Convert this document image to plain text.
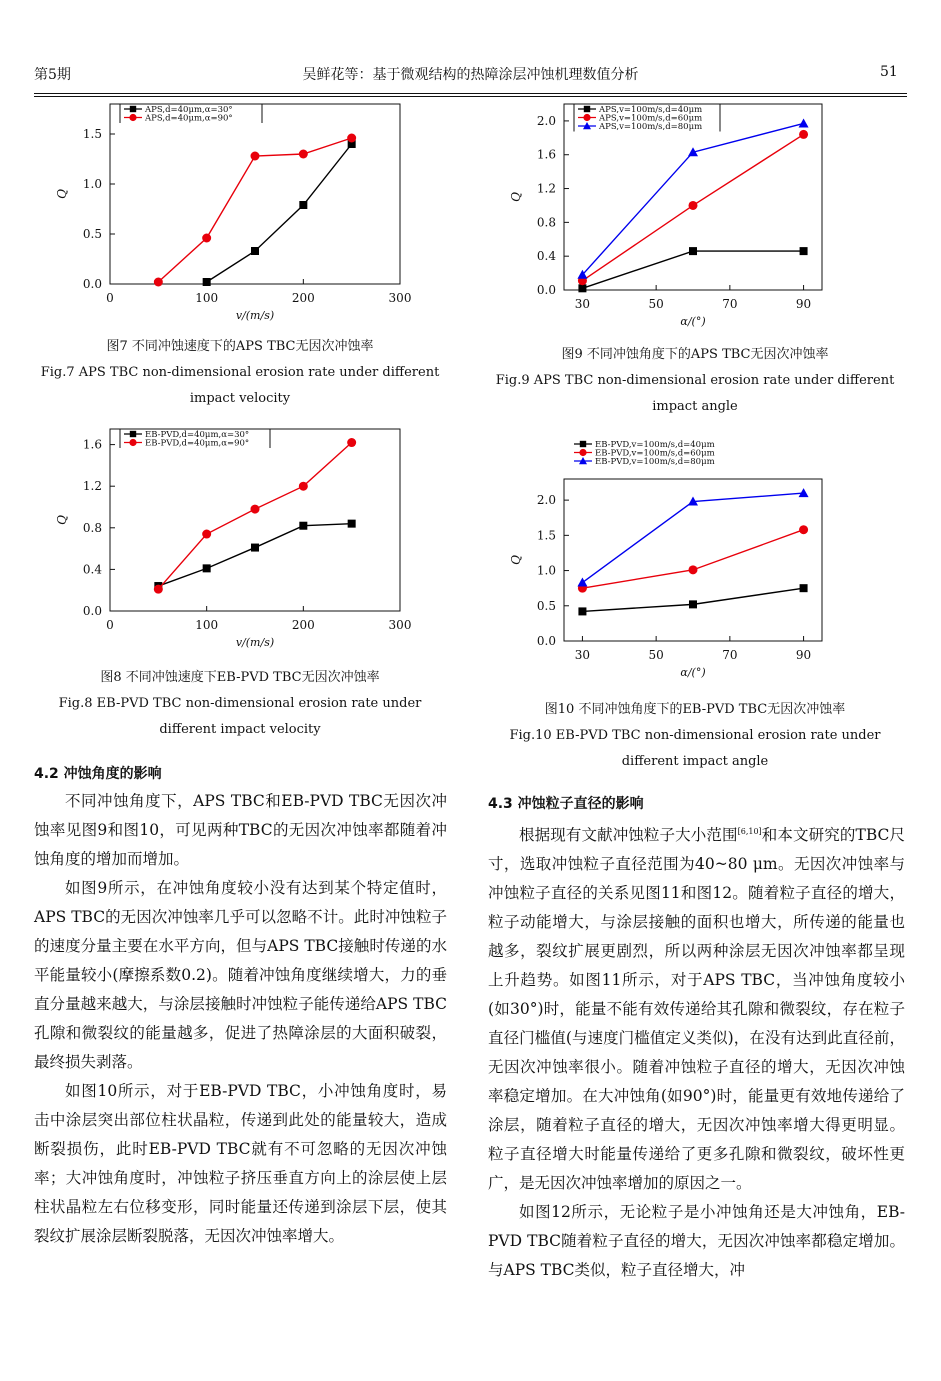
第5期	吴鲜花等：基于微观结构的热障涂层冲蚀机理数值分析	51
0	100	200	300
0.0
0.5
1.0
1.5
v/(m/s)
Q
APS,d=40μm,α=30°
APS,d=40μm,α=90°
0	100	200	300
0.0
0.4
0.8
1.2
1.6
v/(m/s)
Q
EB-PVD,d=40μm,α=30°
EB-PVD,d=40μm,α=90°
30	50	70	90
0.0
0.4
0.8
1.2
1.6
2.0
α/(°)
Q
APS,v=100m/s,d=40μm
APS,v=100m/s,d=60μm
APS,v=100m/s,d=80μm
30	50	70	90
0.0
0.5
1.0
1.5
2.0
α/(°)
Q
EB-PVD,v=100m/s,d=40μm
EB-PVD,v=100m/s,d=60μm
EB-PVD,v=100m/s,d=80μm
图7 不同冲蚀速度下的APS TBC无因次冲蚀率
Fig.7 APS TBC non-dimensional erosion rate under different
impact velocity
图8 不同冲蚀速度下EB-PVD TBC无因次冲蚀率
Fig.8 EB-PVD TBC non-dimensional erosion rate under
different impact velocity
图9 不同冲蚀角度下的APS TBC无因次冲蚀率
Fig.9 APS TBC non-dimensional erosion rate under different
impact angle
图10 不同冲蚀角度下的EB-PVD TBC无因次冲蚀率
Fig.10 EB-PVD TBC non-dimensional erosion rate under
different impact angle
4.2 冲蚀角度的影响

不同冲蚀角度下，APS TBC和EB-PVD TBC无因次冲蚀率见图9和图10，可见两种TBC的无因次冲蚀率都随着冲蚀角度的增加而增加。

如图9所示，在冲蚀角度较小没有达到某个特定值时，APS TBC的无因次冲蚀率几乎可以忽略不计。此时冲蚀粒子的速度分量主要在水平方向，但与APS TBC接触时传递的水平能量较小(摩擦系数0.2)。随着冲蚀角度继续增大，力的垂直分量越来越大，与涂层接触时冲蚀粒子能传递给APS TBC孔隙和微裂纹的能量越多，促进了热障涂层的大面积破裂，最终损失剥落。

如图10所示，对于EB-PVD TBC，小冲蚀角度时，易击中涂层突出部位柱状晶粒，传递到此处的能量较大，造成断裂损伤，此时EB-PVD TBC就有不可忽略的无因次冲蚀率；大冲蚀角度时，冲蚀粒子挤压垂直方向上的涂层使上层柱状晶粒左右位移变形，同时能量还传递到涂层下层，使其裂纹扩展涂层断裂脱落，无因次冲蚀率增大。

4.3 冲蚀粒子直径的影响

根据现有文献冲蚀粒子大小范围[6,10]和本文研究的TBC尺寸，选取冲蚀粒子直径范围为40~80 μm。无因次冲蚀率与冲蚀粒子直径的关系见图11和图12。随着粒子直径的增大，粒子动能增大，与涂层接触的面积也增大，所传递的能量也越多，裂纹扩展更剧烈，所以两种涂层无因次冲蚀率都呈现上升趋势。如图11所示，对于APS TBC，当冲蚀角度较小(如30°)时，能量不能有效传递给其孔隙和微裂纹，存在粒子直径门槛值(与速度门槛值定义类似)，在没有达到此直径前，无因次冲蚀率很小。随着冲蚀粒子直径的增大，无因次冲蚀率稳定增加。在大冲蚀角(如90°)时，能量更有效地传递给了涂层，随着粒子直径的增大，无因次冲蚀率增大得更明显。粒子直径增大时能量传递给了更多孔隙和微裂纹，破坏性更广，是无因次冲蚀率增加的原因之一。

如图12所示，无论粒子是小冲蚀角还是大冲蚀角，EB-PVD TBC随着粒子直径的增大，无因次冲蚀率都稳定增加。与APS TBC类似，粒子直径增大，冲
